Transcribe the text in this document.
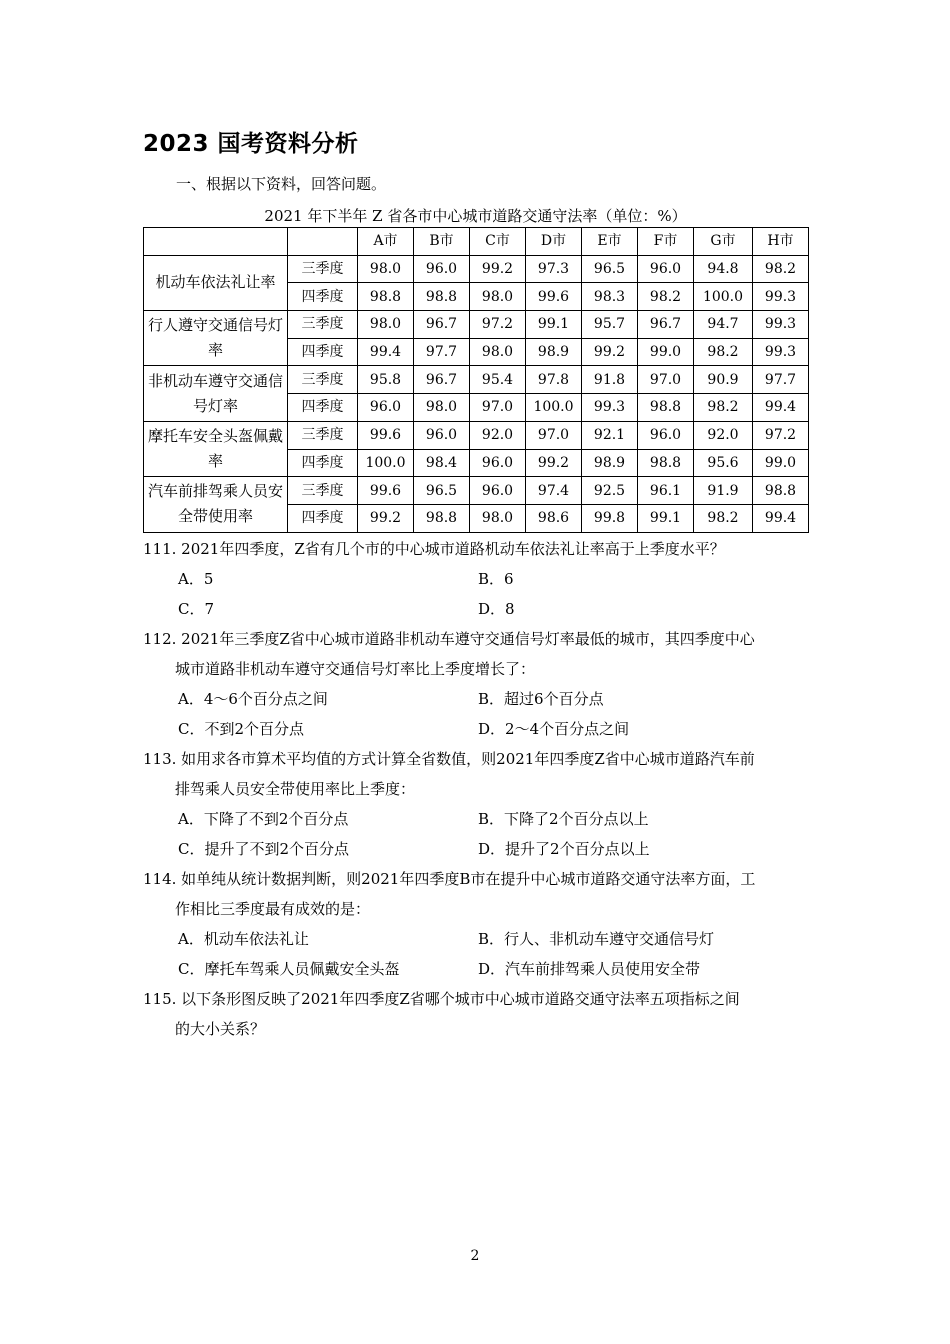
2023 国考资料分析
一、根据以下资料，回答问题。
2021 年下半年 Z 省各市中心城市道路交通守法率（单位：%）
		A市	B市	C市	D市	E市	F市	G市	H市
机动车依法礼让率	三季度	98.0	96.0	99.2	97.3	96.5	96.0	94.8	98.2
	四季度	98.8	98.8	98.0	99.6	98.3	98.2	100.0	99.3
行人遵守交通信号灯率	三季度	98.0	96.7	97.2	99.1	95.7	96.7	94.7	99.3
	四季度	99.4	97.7	98.0	98.9	99.2	99.0	98.2	99.3
非机动车遵守交通信号灯率	三季度	95.8	96.7	95.4	97.8	91.8	97.0	90.9	97.7
	四季度	96.0	98.0	97.0	100.0	99.3	98.8	98.2	99.4
摩托车安全头盔佩戴率	三季度	99.6	96.0	92.0	97.0	92.1	96.0	92.0	97.2
	四季度	100.0	98.4	96.0	99.2	98.9	98.8	95.6	99.0
汽车前排驾乘人员安全带使用率	三季度	99.6	96.5	96.0	97.4	92.5	96.1	91.9	98.8
	四季度	99.2	98.8	98.0	98.6	99.8	99.1	98.2	99.4
111. 2021年四季度，Z省有几个市的中心城市道路机动车依法礼让率高于上季度水平？
A．5	B．6
C．7	D．8
112. 2021年三季度Z省中心城市道路非机动车遵守交通信号灯率最低的城市，其四季度中心
城市道路非机动车遵守交通信号灯率比上季度增长了：
A．4～6个百分点之间	B．超过6个百分点
C．不到2个百分点	D．2～4个百分点之间
113. 如用求各市算术平均值的方式计算全省数值，则2021年四季度Z省中心城市道路汽车前
排驾乘人员安全带使用率比上季度：
A．下降了不到2个百分点	B．下降了2个百分点以上
C．提升了不到2个百分点	D．提升了2个百分点以上
114. 如单纯从统计数据判断，则2021年四季度B市在提升中心城市道路交通守法率方面，工
作相比三季度最有成效的是：
A．机动车依法礼让	B．行人、非机动车遵守交通信号灯
C．摩托车驾乘人员佩戴安全头盔	D．汽车前排驾乘人员使用安全带
115. 以下条形图反映了2021年四季度Z省哪个城市中心城市道路交通守法率五项指标之间
的大小关系？
2
